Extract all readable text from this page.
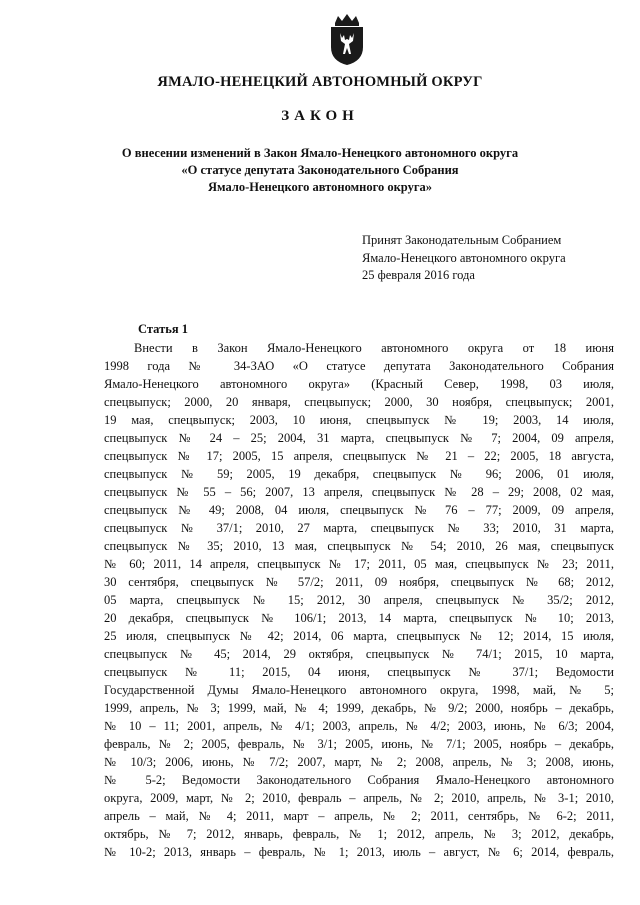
ЯМАЛО-НЕНЕЦКИЙ АВТОНОМНЫЙ ОКРУГ
ЗАКОН
О внесении изменений в Закон Ямало-Ненецкого автономного округа
«О статусе депутата Законодательного Собрания
Ямало-Ненецкого автономного округа»
Принят Законодательным Собранием
Ямало-Ненецкого автономного округа
25 февраля 2016 года
Статья 1
Внести в Закон Ямало-Ненецкого автономного округа от 18 июня
1998 года № 34-ЗАО «О статусе депутата Законодательного Собрания
Ямало-Ненецкого автономного округа» (Красный Север, 1998, 03 июля,
спецвыпуск; 2000, 20 января, спецвыпуск; 2000, 30 ноября, спецвыпуск; 2001,
19 мая, спецвыпуск; 2003, 10 июня, спецвыпуск № 19; 2003, 14 июля,
спецвыпуск № 24 – 25; 2004, 31 марта, спецвыпуск № 7; 2004, 09 апреля,
спецвыпуск № 17; 2005, 15 апреля, спецвыпуск № 21 – 22; 2005, 18 августа,
спецвыпуск № 59; 2005, 19 декабря, спецвыпуск № 96; 2006, 01 июля,
спецвыпуск № 55 – 56; 2007, 13 апреля, спецвыпуск № 28 – 29; 2008, 02 мая,
спецвыпуск № 49; 2008, 04 июля, спецвыпуск № 76 – 77; 2009, 09 апреля,
спецвыпуск № 37/1; 2010, 27 марта, спецвыпуск № 33; 2010, 31 марта,
спецвыпуск № 35; 2010, 13 мая, спецвыпуск № 54; 2010, 26 мая, спецвыпуск
№ 60; 2011, 14 апреля, спецвыпуск № 17; 2011, 05 мая, спецвыпуск № 23; 2011,
30 сентября, спецвыпуск № 57/2; 2011, 09 ноября, спецвыпуск № 68; 2012,
05 марта, спецвыпуск № 15; 2012, 30 апреля, спецвыпуск № 35/2; 2012,
20 декабря, спецвыпуск № 106/1; 2013, 14 марта, спецвыпуск № 10; 2013,
25 июля, спецвыпуск № 42; 2014, 06 марта, спецвыпуск № 12; 2014, 15 июля,
спецвыпуск № 45; 2014, 29 октября, спецвыпуск № 74/1; 2015, 10 марта,
спецвыпуск № 11; 2015, 04 июня, спецвыпуск № 37/1; Ведомости
Государственной Думы Ямало-Ненецкого автономного округа, 1998, май, № 5;
1999, апрель, № 3; 1999, май, № 4; 1999, декабрь, № 9/2; 2000, ноябрь – декабрь,
№ 10 – 11; 2001, апрель, № 4/1; 2003, апрель, № 4/2; 2003, июнь, № 6/3; 2004,
февраль, № 2; 2005, февраль, № 3/1; 2005, июнь, № 7/1; 2005, ноябрь – декабрь,
№ 10/3; 2006, июнь, № 7/2; 2007, март, № 2; 2008, апрель, № 3; 2008, июнь,
№ 5-2; Ведомости Законодательного Собрания Ямало-Ненецкого автономного
округа, 2009, март, № 2; 2010, февраль – апрель, № 2; 2010, апрель, № 3-1; 2010,
апрель – май, № 4; 2011, март – апрель, № 2; 2011, сентябрь, № 6-2; 2011,
октябрь, № 7; 2012, январь, февраль, № 1; 2012, апрель, № 3; 2012, декабрь,
№ 10-2; 2013, январь – февраль, № 1; 2013, июль – август, № 6; 2014, февраль,
